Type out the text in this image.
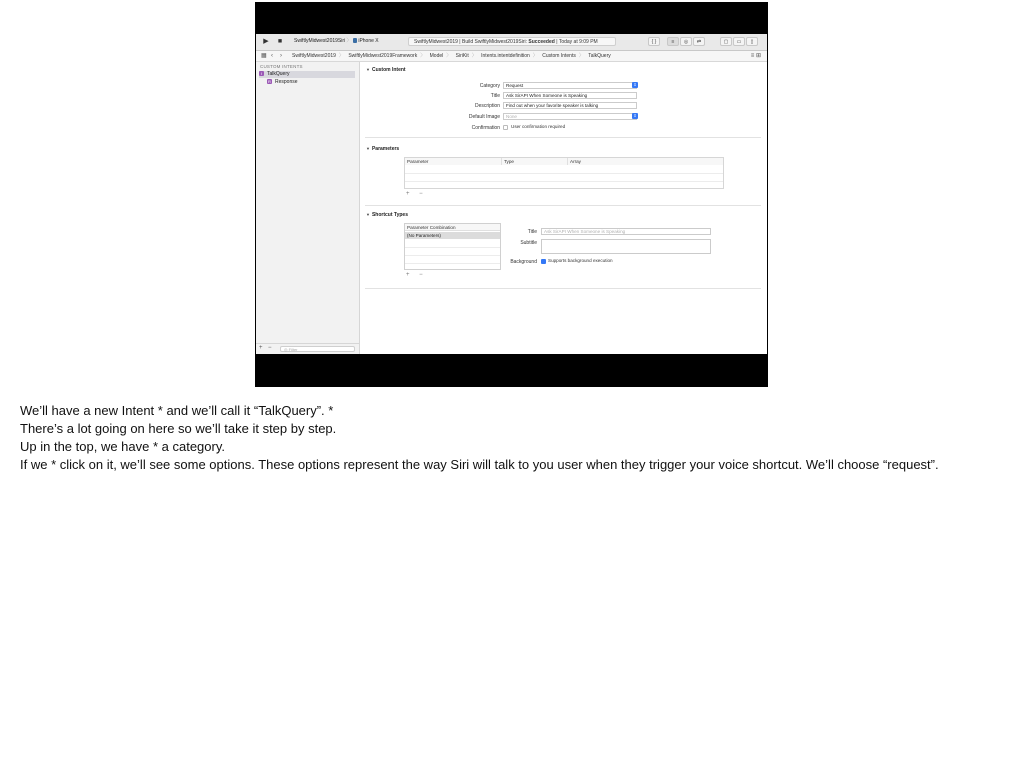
▶ ■	SwiftlyMidwest2019Siri 〉 iPhone X	SwiftlyMidwest2019 | Build SwiftlyMidwest2019Siri: Succeeded | Today at 9:09 PM	{ }	≡	◎	⇄	▢	▭	▯
▦ ‹ › SwiftlyMidwest2019 〉 SwiftlyMidwest2019Framework 〉 Model 〉 SiriKit 〉 Intents.intentdefinition 〉 Custom Intents 〉 TalkQuery	≡ ⊞
CUSTOM INTENTS
I TalkQuery
R Response
+ −	◎ Filter
▼ Custom Intent
Category	Request	⇕
Title	Ask SirAPI When Someone is Speaking
Description	Find out when your favorite speaker is talking
Default Image	None	⇕
Confirmation User confirmation required
▼ Parameters
Parameter	Type	Array
+ −
▼ Shortcut Types
Parameter Combination
(No Parameters)
+ −
Title	Ask SirAPI When Someone is Speaking
Subtitle
Background Supports background execution
We’ll have a new Intent * and we’ll call it “TalkQuery”. *
There’s a lot going on here so we’ll take it step by step.
Up in the top, we have * a category.
If we * click on it, we’ll see some options. These options represent the way Siri will talk to you user when they trigger your voice shortcut. We’ll choose “request”.
